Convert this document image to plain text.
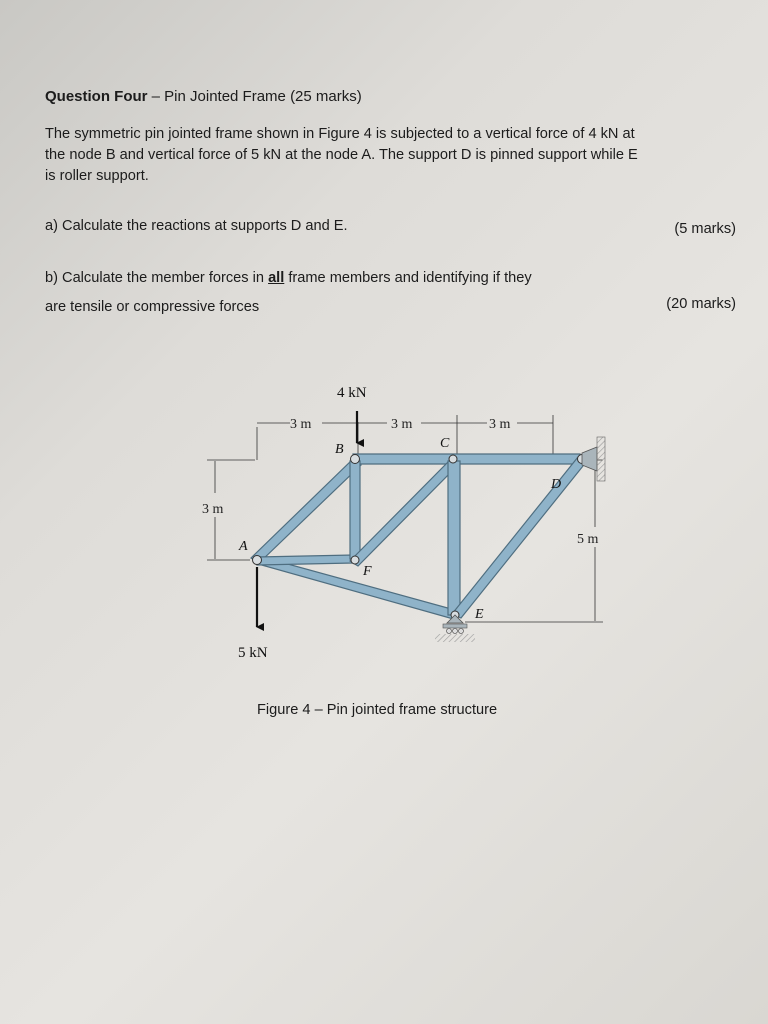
Question Four – Pin Jointed Frame (25 marks)
The symmetric pin jointed frame shown in Figure 4 is subjected to a vertical force of 4 kN at
the node B and vertical force of 5 kN at the node A. The support D is pinned support while E
is roller support.
a) Calculate the reactions at supports D and E.	(5 marks)
b) Calculate the member forces in all frame members and identifying if they
are tensile or compressive forces	(20 marks)
3 m	3 m	3 m
3 m
5 m
4 kN
5 kN
A
B	C
D
E
F
Figure 4 – Pin jointed frame structure
